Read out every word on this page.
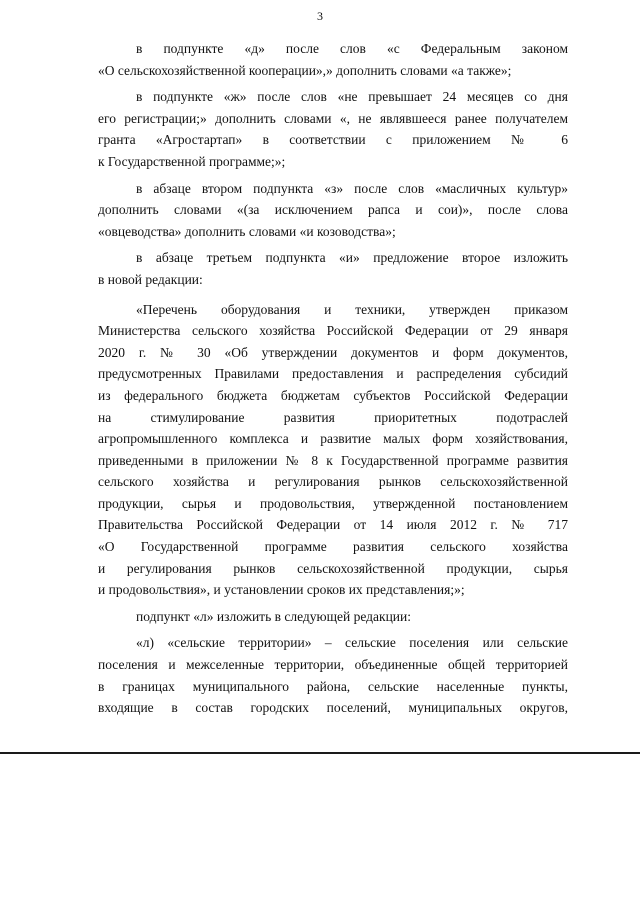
3

в подпунктe «д» после слов «с Федеральным законом

«О сельскохозяйственной кооперации»,» дополнить словами «а также»;

в подпункте «ж» после слов «не превышает 24 месяцев со дня

его регистрации;» дополнить словами «, не являвшееся ранее получателем

гранта «Агростартап» в соответствии с приложением № 6

к Государственной программе;»;

в абзаце втором подпункта «з» после слов «масличных культур»

дополнить словами «(за исключением рапса и сои)», после слова

«овцеводства» дополнить словами «и козоводства»;

в абзаце третьем подпункта «и» предложение второе изложить

в новой редакции:

«Перечень оборудования и техники, утвержден приказом

Министерства сельского хозяйства Российской Федерации от 29 января

2020 г. № 30 «Об утверждении документов и форм документов,

предусмотренных Правилами предоставления и распределения субсидий

из федерального бюджета бюджетам субъектов Российской Федерации

на стимулирование развития приоритетных подотраслей

агропромышленного комплекса и развитие малых форм хозяйствования,

приведенными в приложении № 8 к Государственной программе развития

сельского хозяйства и регулирования рынков сельскохозяйственной

продукции, сырья и продовольствия, утвержденной постановлением

Правительства Российской Федерации от 14 июля 2012 г. № 717

«О Государственной программе развития сельского хозяйства

и регулирования рынков сельскохозяйственной продукции, сырья

и продовольствия», и установлении сроков их представления;»;

подпункт «л» изложить в следующей редакции:

«л) «сельские территории» – сельские поселения или сельские

поселения и межселенные территории, объединенные общей территорией

в границах муниципального района, сельские населенные пункты,

входящие в состав городских поселений, муниципальных округов,
